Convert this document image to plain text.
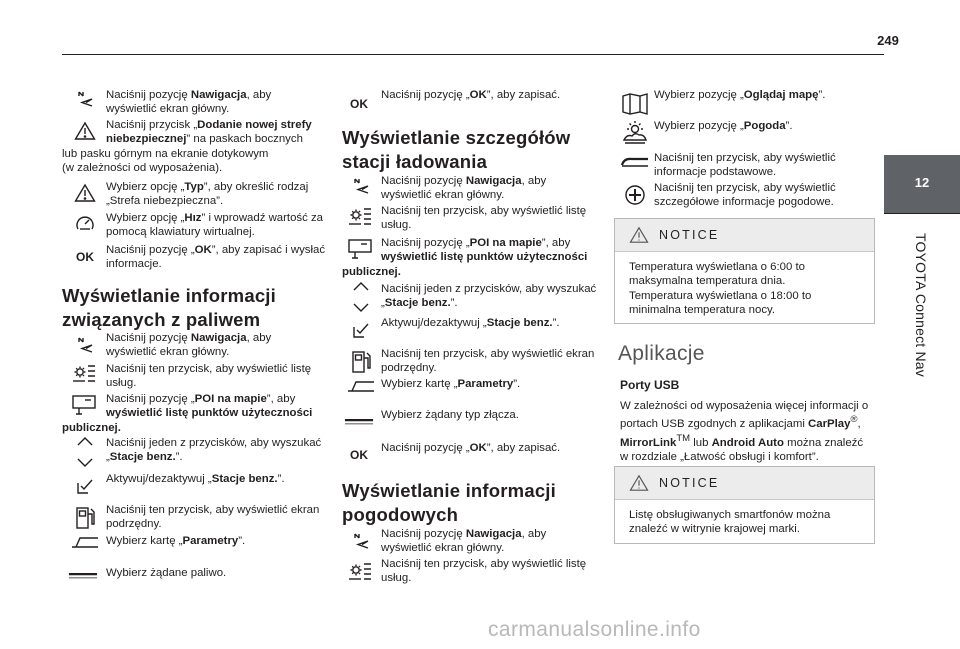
249
12
TOYOTA Connect Nav
Naciśnij pozycję Nawigacja, aby wyświetlić ekran główny.
Naciśnij przycisk „Dodanie nowej strefy niebezpiecznej” na paskach bocznych
lub pasku górnym na ekranie dotykowym
(w zależności od wyposażenia).
Wybierz opcję „Typ”, aby określić rodzaj „Strefa niebezpieczna”.
Wybierz opcję „Hız” i wprowadź wartość za pomocą klawiatury wirtualnej.
OK	Naciśnij pozycję „OK”, aby zapisać i wysłać informacje.
Wyświetlanie informacji
związanych z paliwem
Naciśnij pozycję Nawigacja, aby wyświetlić ekran główny.
Naciśnij ten przycisk, aby wyświetlić listę usług.
Naciśnij pozycję „POI na mapie”, aby wyświetlić listę punktów użyteczności
publicznej.
Naciśnij jeden z przycisków, aby wyszukać „Stacje benz.”.
Aktywuj/dezaktywuj „Stacje benz.”.
Naciśnij ten przycisk, aby wyświetlić ekran podrzędny.
Wybierz kartę „Parametry”.
Wybierz żądane paliwo.
OK
Naciśnij pozycję „OK”, aby zapisać.
Wyświetlanie szczegółów
stacji ładowania
Naciśnij pozycję Nawigacja, aby wyświetlić ekran główny.
Naciśnij ten przycisk, aby wyświetlić listę usług.
Naciśnij pozycję „POI na mapie”, aby wyświetlić listę punktów użyteczności
publicznej.
Naciśnij jeden z przycisków, aby wyszukać „Stacje benz.”.
Aktywuj/dezaktywuj „Stacje benz.”.
Naciśnij ten przycisk, aby wyświetlić ekran podrzędny.
Wybierz kartę „Parametry”.
Wybierz żądany typ złącza.
OK	Naciśnij pozycję „OK”, aby zapisać.
Wyświetlanie informacji
pogodowych
Naciśnij pozycję Nawigacja, aby wyświetlić ekran główny.
Naciśnij ten przycisk, aby wyświetlić listę usług.
Wybierz pozycję „Oglądaj mapę”.
Wybierz pozycję „Pogoda”.
Naciśnij ten przycisk, aby wyświetlić informacje podstawowe.
Naciśnij ten przycisk, aby wyświetlić szczegółowe informacje pogodowe.
NOTICE
Temperatura wyświetlana o 6:00 to maksymalna temperatura dnia.
Temperatura wyświetlana o 18:00 to minimalna temperatura nocy.
Aplikacje
Porty USB
W zależności od wyposażenia więcej informacji o portach USB zgodnych z aplikacjami CarPlay®, MirrorLink™ lub Android Auto można znaleźć w rozdziale „Łatwość obsługi i komfort”.
NOTICE
Listę obsługiwanych smartfonów można znaleźć w witrynie krajowej marki.
carmanualsonline.info
